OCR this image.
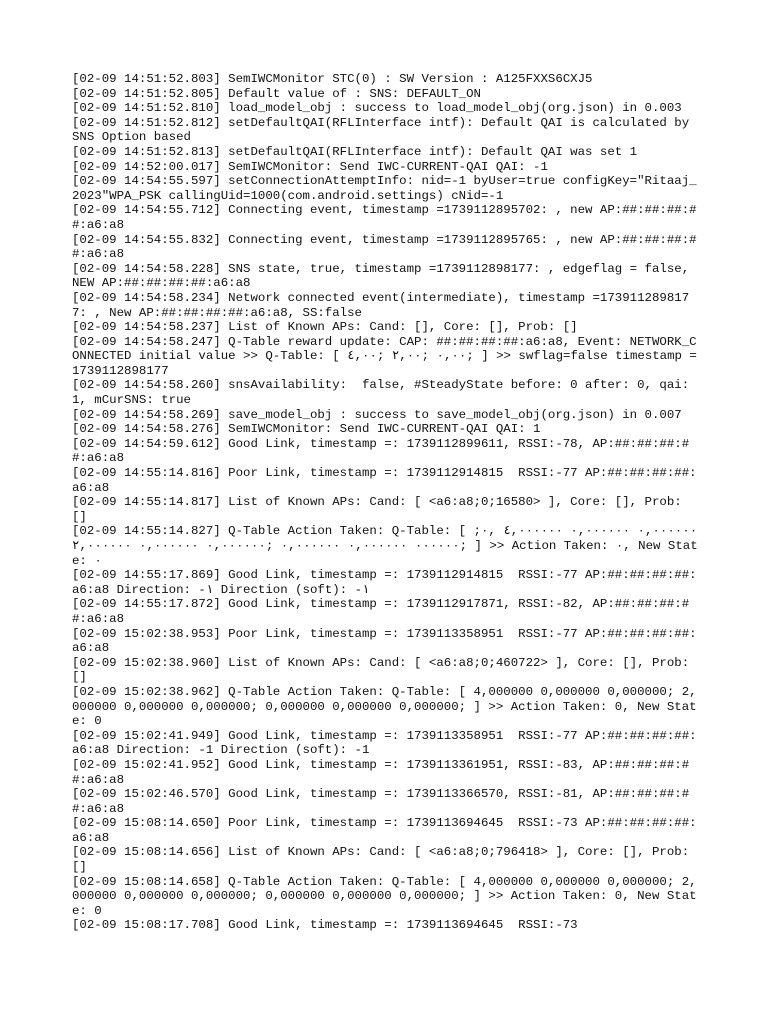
[02-09 14:51:52.803] SemIWCMonitor STC(0) : SW Version : A125FXXS6CXJ5
[02-09 14:51:52.805] Default value of : SNS: DEFAULT_ON
[02-09 14:51:52.810] load_model_obj : success to load_model_obj(org.json) in 0.003
[02-09 14:51:52.812] setDefaultQAI(RFLInterface intf): Default QAI is calculated by SNS Option based
[02-09 14:51:52.813] setDefaultQAI(RFLInterface intf): Default QAI was set 1
[02-09 14:52:00.017] SemIWCMonitor: Send IWC-CURRENT-QAI QAI: -1
[02-09 14:54:55.597] setConnectionAttemptInfo: nid=-1 byUser=true configKey="Ritaaj_2023"WPA_PSK callingUid=1000(com.android.settings) cNid=-1
[02-09 14:54:55.712] Connecting event, timestamp =1739112895702: , new AP:##:##:##:##:a6:a8
[02-09 14:54:55.832] Connecting event, timestamp =1739112895765: , new AP:##:##:##:##:a6:a8
[02-09 14:54:58.228] SNS state, true, timestamp =1739112898177: , edgeflag = false, NEW AP:##:##:##:##:a6:a8
[02-09 14:54:58.234] Network connected event(intermediate), timestamp =1739112898177: , New AP:##:##:##:##:a6:a8, SS:false
[02-09 14:54:58.237] List of Known APs: Cand: [], Core: [], Prob: []
[02-09 14:54:58.247] Q-Table reward update: CAP: ##:##:##:##:a6:a8, Event: NETWORK_CONNECTED initial value >> Q-Table: [ ٠,٠٠ ;٢,٠٠ ;٤,٠٠; ] >> swflag=false timestamp =1739112898177
[02-09 14:54:58.260] snsAvailability:  false, #SteadyState before: 0 after: 0, qai: 1, mCurSNS: true
[02-09 14:54:58.269] save_model_obj : success to save_model_obj(org.json) in 0.007
[02-09 14:54:58.276] SemIWCMonitor: Send IWC-CURRENT-QAI QAI: 1
[02-09 14:54:59.612] Good Link, timestamp =: 1739112899611, RSSI:-78, AP:##:##:##:##:a6:a8
[02-09 14:55:14.816] Poor Link, timestamp =: 1739112914815  RSSI:-77 AP:##:##:##:##:a6:a8
[02-09 14:55:14.817] List of Known APs: Cand: [ <a6:a8;0;16580> ], Core: [], Prob: []
[02-09 14:55:14.827] Q-Table Action Taken: Q-Table: [ ;٠,٠٠٠٠٠٠ ٠,٠٠٠٠٠٠ ٤,٠٠٠٠٠٠ ٠,٠٠٠٠٠٠ ٠,٠٠٠٠٠٠ ٠,٠٠٠٠٠٠ ;٠,٠٠٠٠٠٠ ٠,٠٠٠٠٠٠ ٢,٠٠٠٠٠٠; ] >> Action Taken: ٠, New State: ٠
[02-09 14:55:17.869] Good Link, timestamp =: 1739112914815  RSSI:-77 AP:##:##:##:##:a6:a8 Direction: -١ Direction (soft): -١
[02-09 14:55:17.872] Good Link, timestamp =: 1739112917871, RSSI:-82, AP:##:##:##:##:a6:a8
[02-09 15:02:38.953] Poor Link, timestamp =: 1739113358951  RSSI:-77 AP:##:##:##:##:a6:a8
[02-09 15:02:38.960] List of Known APs: Cand: [ <a6:a8;0;460722> ], Core: [], Prob: []
[02-09 15:02:38.962] Q-Table Action Taken: Q-Table: [ 4,000000 0,000000 0,000000; 2,000000 0,000000 0,000000; 0,000000 0,000000 0,000000; ] >> Action Taken: 0, New State: 0
[02-09 15:02:41.949] Good Link, timestamp =: 1739113358951  RSSI:-77 AP:##:##:##:##:a6:a8 Direction: -1 Direction (soft): -1
[02-09 15:02:41.952] Good Link, timestamp =: 1739113361951, RSSI:-83, AP:##:##:##:##:a6:a8
[02-09 15:02:46.570] Good Link, timestamp =: 1739113366570, RSSI:-81, AP:##:##:##:##:a6:a8
[02-09 15:08:14.650] Poor Link, timestamp =: 1739113694645  RSSI:-73 AP:##:##:##:##:a6:a8
[02-09 15:08:14.656] List of Known APs: Cand: [ <a6:a8;0;796418> ], Core: [], Prob: []
[02-09 15:08:14.658] Q-Table Action Taken: Q-Table: [ 4,000000 0,000000 0,000000; 2,000000 0,000000 0,000000; 0,000000 0,000000 0,000000; ] >> Action Taken: 0, New State: 0
[02-09 15:08:17.708] Good Link, timestamp =: 1739113694645  RSSI:-73
